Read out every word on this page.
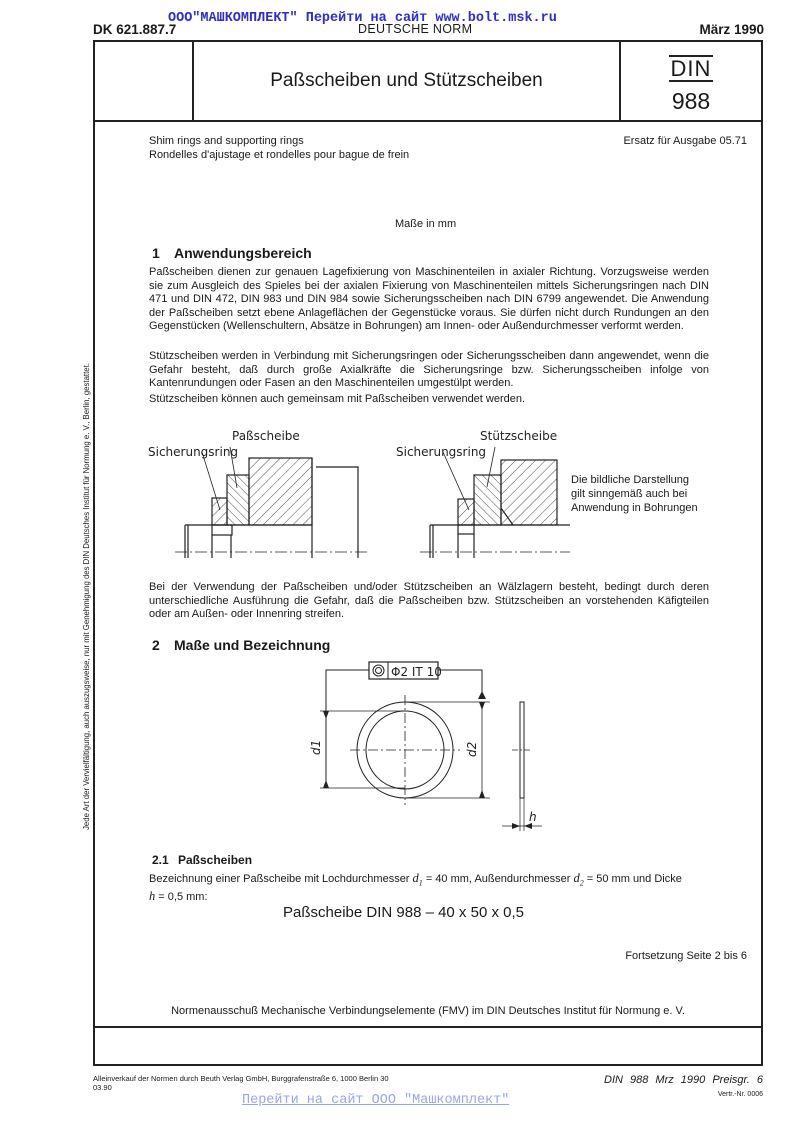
DK 621.887.7	DEUTSCHE NORM	März 1990
ООО"МАШКОМПЛЕКТ" Перейти на сайт www.bolt.msk.ru
Paßscheiben und Stützscheiben	DIN
988
Shim rings and supporting rings
Rondelles d'ajustage et rondelles pour bague de frein
Ersatz für Ausgabe 05.71
Maße in mm
1 Anwendungsbereich
Paßscheiben dienen zur genauen Lagefixierung von Maschinenteilen in axialer Richtung. Vorzugsweise werden sie zum Ausgleich des Spieles bei der axialen Fixierung von Maschinenteilen mittels Sicherungsringen nach DIN 471 und DIN 472, DIN 983 und DIN 984 sowie Sicherungsscheiben nach DIN 6799 angewendet. Die Anwendung der Paßscheiben setzt ebene Anlageflächen der Gegenstücke voraus. Sie dürfen nicht durch Rundungen an den Gegenstücken (Wellenschultern, Absätze in Bohrungen) am Innen- oder Außendurchmesser verformt werden.
Stützscheiben werden in Verbindung mit Sicherungsringen oder Sicherungsscheiben dann angewendet, wenn die Gefahr besteht, daß durch große Axialkräfte die Sicherungsringe bzw. Sicherungsscheiben infolge von Kantenrundungen oder Fasen an den Maschinenteilen umgestülpt werden.
Stützscheiben können auch gemeinsam mit Paßscheiben verwendet werden.
Paßscheibe
Sicherungsring
Stützscheibe
Sicherungsring
Die bildliche Darstellung
gilt sinngemäß auch bei
Anwendung in Bohrungen
Bei der Verwendung der Paßscheiben und/oder Stützscheiben an Wälzlagern besteht, bedingt durch deren unterschiedliche Ausführung die Gefahr, daß die Paßscheiben bzw. Stützscheiben an vorstehenden Käfigteilen oder am Außen- oder Innenring streifen.
2 Maße und Bezeichnung
Φ2 IT 10
d1	d2
h
2.1 Paßscheiben
Bezeichnung einer Paßscheibe mit Lochdurchmesser $d_1 = 40$ mm, Außendurchmesser $d_2 = 50$ mm und Dicke
h = 0,5 mm:
Paßscheibe DIN 988 – 40 x 50 x 0,5
Fortsetzung Seite 2 bis 6
Normenausschuß Mechanische Verbindungselemente (FMV) im DIN Deutsches Institut für Normung e. V.
Alleinverkauf der Normen durch Beuth Verlag GmbH, Burggrafenstraße 6, 1000 Berlin 30
03.90
DIN 988 Mrz 1990 Preisgr. 6
Vertr.-Nr. 0006
Перейти на сайт ООО "Машкомплект"
Jede Art der Vervielfältigung, auch auszugsweise, nur mit Genehmigung des DIN Deutsches Institut für Normung e. V., Berlin, gestattet.
